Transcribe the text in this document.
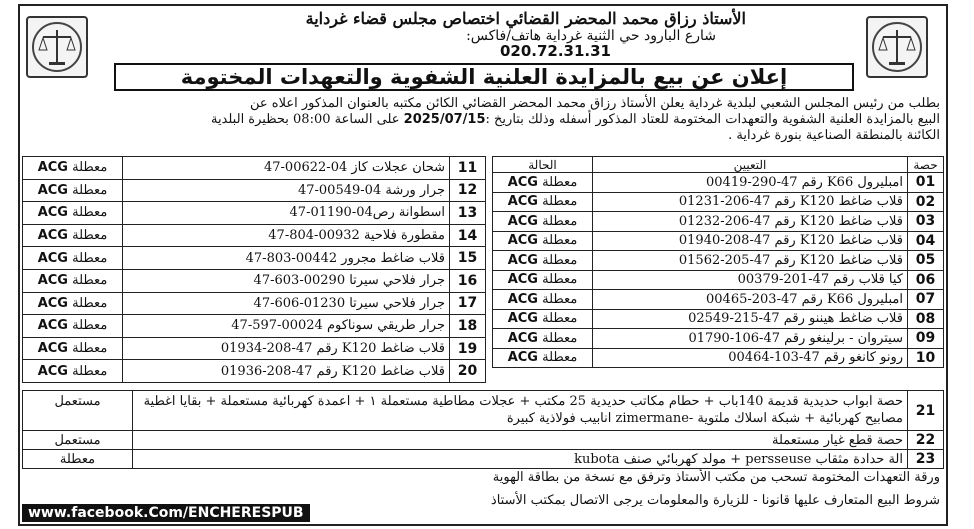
الأستاذ رزاق محمد المحضر القضائي اختصاص مجلس قضاء غرداية
شارع البارود حي الثنية غرداية هاتف/فاكس:
020.72.31.31
إعلان عن بيع بالمزايدة العلنية الشفوية والتعهدات المختومة
بطلب من رئيس المجلس الشعبي لبلدية غرداية يعلن الأستاذ رزاق محمد المحضر القضائي الكائن مكتبه بالعنوان المذكور اعلاه عن
البيع بالمزايدة العلنية الشفوية والتعهدات المختومة للعتاد المذكور أسفله وذلك بتاريخ :2025/07/15 على الساعة 08:00 بحظيرة البلدية
الكائنة بالمنطقة الصناعية بنورة غرداية .
حصة	التعيين	الحالة
01	امبليرول K66 رقم 47-290-00419	معطلة ACG
02	قلاب ضاغط K120 رقم 47-206-01231	معطلة ACG
03	قلاب ضاغط K120 رقم 47-206-01232	معطلة ACG
04	قلاب ضاغط K120 رقم 47-208-01940	معطلة ACG
05	قلاب ضاغط K120 رقم 47-205-01562	معطلة ACG
06	كيا قلاب رقم 47-201-00379	معطلة ACG
07	امبليرول K66 رقم 47-203-00465	معطلة ACG
08	قلاب ضاغط هيننو رقم 47-215-02549	معطلة ACG
09	سيتروان - برلينغو رقم 47-106-01790	معطلة ACG
10	رونو كانغو رقم 47-103-00464	معطلة ACG
11	شحان عجلات كاز 04-00622-47	معطلة ACG
12	جرار ورشة 04-00549-47	معطلة ACG
13	اسطوانة رص04-01190-47	معطلة ACG
14	مقطورة فلاحية 00932-804-47	معطلة ACG
15	قلاب ضاغط مجرور 00442-803-47	معطلة ACG
16	جرار فلاحي سيرتا 00290-603-47	معطلة ACG
17	جرار فلاحي سيرتا 01230-606-47	معطلة ACG
18	جرار طريقي سوناكوم 00024-597-47	معطلة ACG
19	قلاب ضاغط K120 رقم 47-208-01934	معطلة ACG
20	قلاب ضاغط K120 رقم 47-208-01936	معطلة ACG
21	حصة ابواب حديدية قديمة 140باب + حطام مكاتب حديدية 25 مكتب + عجلات مطاطية مستعملة ١ + اعمدة كهربائية مستعملة + بقايا اغطية مصابيح كهربائية + شبكة اسلاك ملتوية -zimermane انابيب فولاذية كبيرة	مستعمل
22	حصة قطع غيار مستعملة	مستعمل
23	الة حدادة مثقاب persseuse + مولد كهربائي صنف kubota	معطلة
ورقة التعهدات المختومة تسحب من مكتب الأستاذ وترفق مع نسخة من بطاقة الهوية
شروط البيع المتعارف عليها قانونا - للزيارة والمعلومات يرجى الاتصال بمكتب الأستاذ
www.facebook.Com/ENCHERESPUB
